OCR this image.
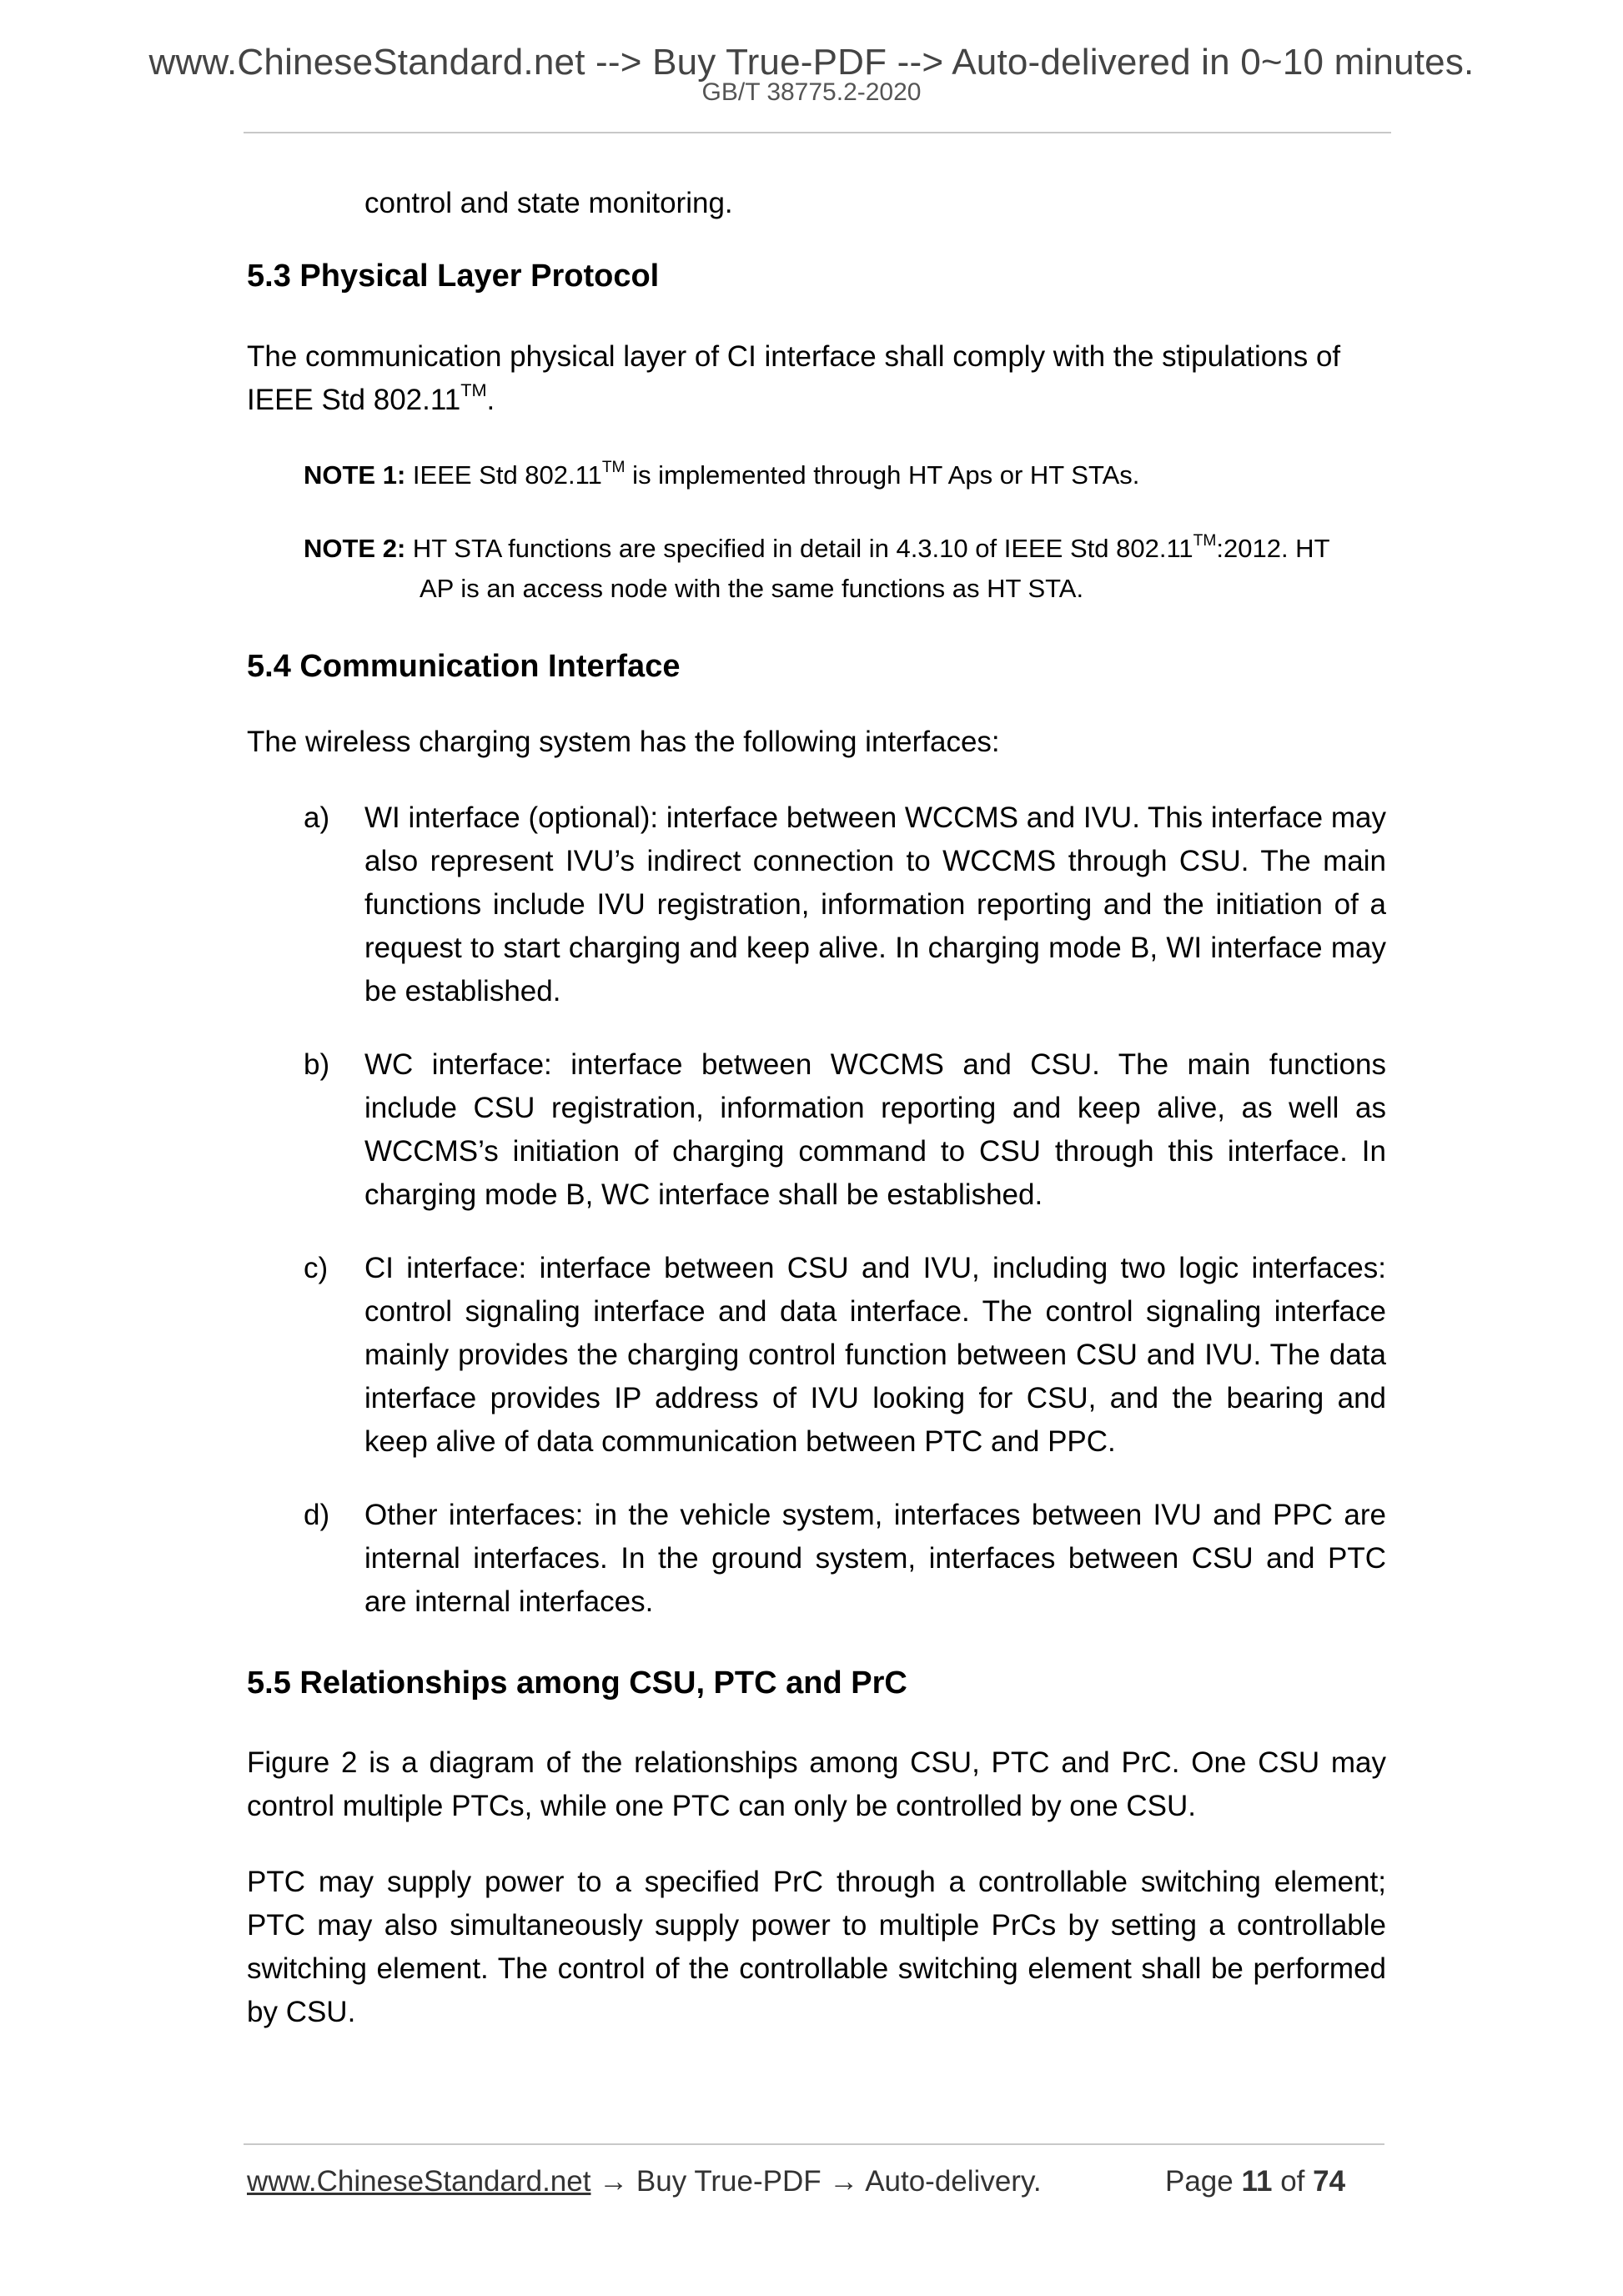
www.ChineseStandard.net --> Buy True-PDF --> Auto-delivered in 0~10 minutes.
GB/T 38775.2-2020
control and state monitoring.
5.3 Physical Layer Protocol
The communication physical layer of CI interface shall comply with the stipulations of
IEEE Std 802.11™.
NOTE 1: IEEE Std 802.11™ is implemented through HT Aps or HT STAs.
NOTE 2: HT STA functions are specified in detail in 4.3.10 of IEEE Std 802.11™:2012. HT
AP is an access node with the same functions as HT STA.
5.4 Communication Interface
The wireless charging system has the following interfaces:
a)	WI interface (optional): interface between WCCMS and IVU. This interface may also represent IVU’s indirect connection to WCCMS through CSU. The main functions include IVU registration, information reporting and the initiation of a request to start charging and keep alive. In charging mode B, WI interface may be established.
b)	WC interface: interface between WCCMS and CSU. The main functions include CSU registration, information reporting and keep alive, as well as WCCMS’s initiation of charging command to CSU through this interface. In charging mode B, WC interface shall be established.
c)	CI interface: interface between CSU and IVU, including two logic interfaces: control signaling interface and data interface. The control signaling interface mainly provides the charging control function between CSU and IVU. The data interface provides IP address of IVU looking for CSU, and the bearing and keep alive of data communication between PTC and PPC.
d)	Other interfaces: in the vehicle system, interfaces between IVU and PPC are internal interfaces. In the ground system, interfaces between CSU and PTC are internal interfaces.
5.5 Relationships among CSU, PTC and PrC
Figure 2 is a diagram of the relationships among CSU, PTC and PrC. One CSU may control multiple PTCs, while one PTC can only be controlled by one CSU.
PTC may supply power to a specified PrC through a controllable switching element; PTC may also simultaneously supply power to multiple PrCs by setting a controllable switching element. The control of the controllable switching element shall be performed by CSU.
www.ChineseStandard.net → Buy True-PDF → Auto-delivery.	Page 11 of 74
